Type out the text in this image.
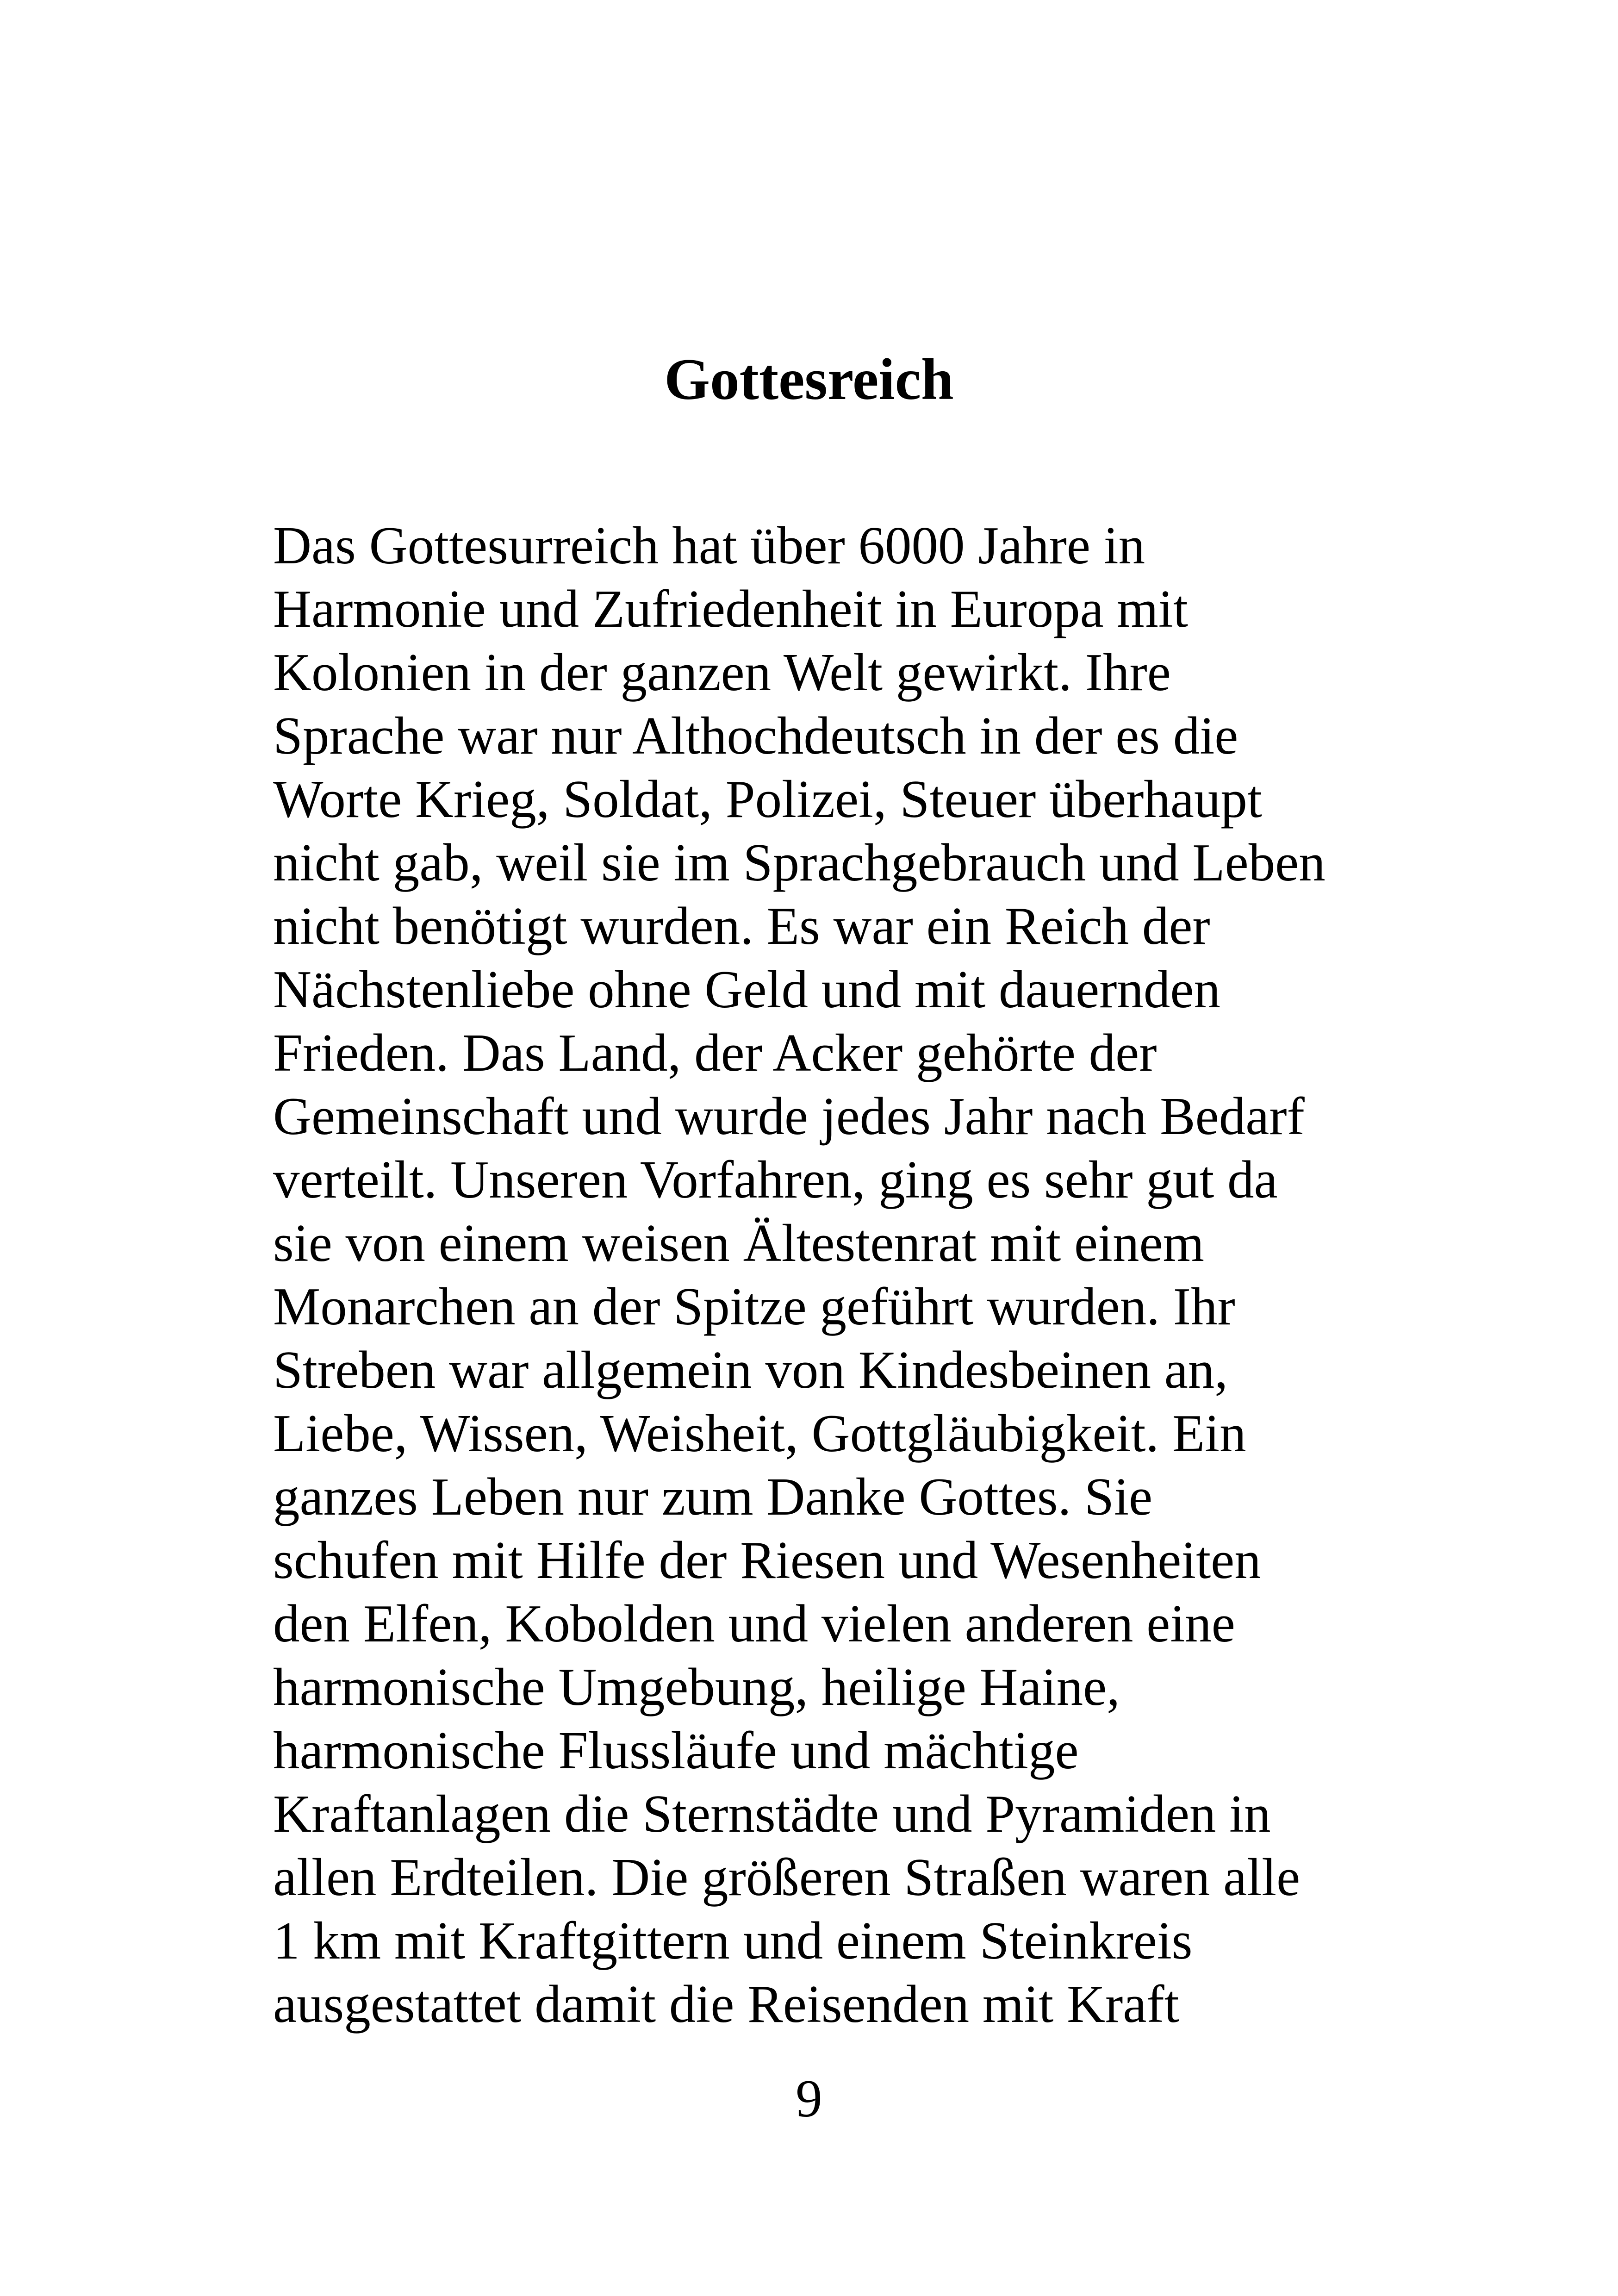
Gottesreich
Das Gottesurreich hat über 6000 Jahre in
Harmonie und Zufriedenheit in Europa mit
Kolonien in der ganzen Welt gewirkt. Ihre
Sprache war nur Althochdeutsch in der es die
Worte Krieg, Soldat, Polizei, Steuer überhaupt
nicht gab, weil sie im Sprachgebrauch und Leben
nicht benötigt wurden. Es war ein Reich der
Nächstenliebe ohne Geld und mit dauernden
Frieden. Das Land, der Acker gehörte der
Gemeinschaft und wurde jedes Jahr nach Bedarf
verteilt. Unseren Vorfahren, ging es sehr gut da
sie von einem weisen Ältestenrat mit einem
Monarchen an der Spitze geführt wurden. Ihr
Streben war allgemein von Kindesbeinen an,
Liebe, Wissen, Weisheit, Gottgläubigkeit. Ein
ganzes Leben nur zum Danke Gottes. Sie
schufen mit Hilfe der Riesen und Wesenheiten
den Elfen, Kobolden und vielen anderen eine
harmonische Umgebung, heilige Haine,
harmonische Flussläufe und mächtige
Kraftanlagen die Sternstädte und Pyramiden in
allen Erdteilen. Die größeren Straßen waren alle
1 km mit Kraftgittern und einem Steinkreis
ausgestattet damit die Reisenden mit Kraft
9
